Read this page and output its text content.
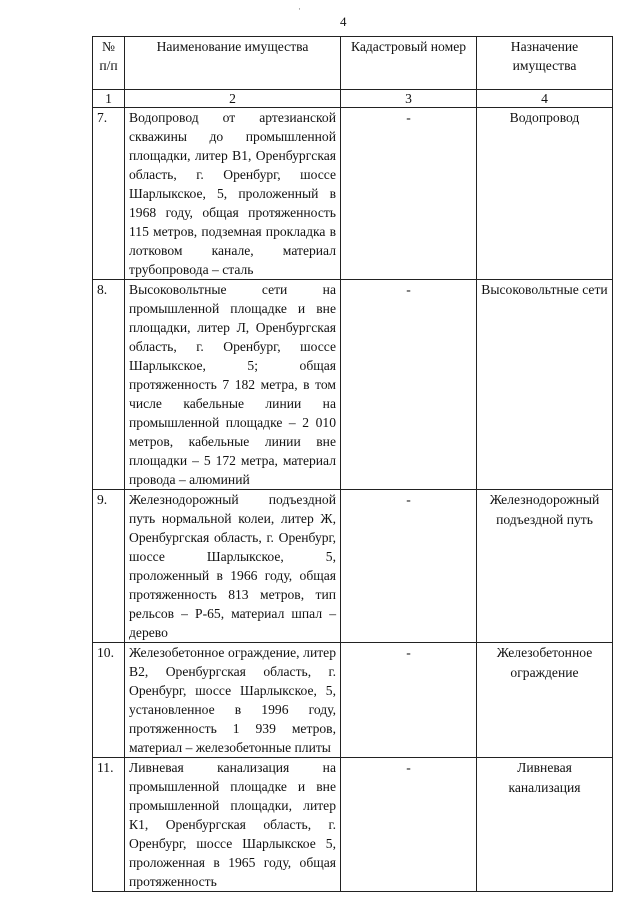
·
4
№ п/п	Наименование имущества	Кадастровый номер	Назначение имущества
1	2	3	4
7.	Водопровод от артезианской скважины до промышленной площадки, литер В1, Оренбургская область, г. Оренбург, шоссе Шарлыкское, 5, проложенный в 1968 году, общая протяженность 115 метров, подземная прокладка в лотковом канале, материал трубопровода – сталь	-	Водопровод
8.	Высоковольтные сети на промышленной площадке и вне площадки, литер Л, Оренбургская область, г. Оренбург, шоссе Шарлыкское, 5; общая протяженность 7 182 метра, в том числе кабельные линии на промышленной площадке – 2 010 метров, кабельные линии вне площадки – 5 172 метра, материал провода – алюминий	-	Высоковольтные сети
9.	Железнодорожный подъездной путь нормальной колеи, литер Ж, Оренбургская область, г. Оренбург, шоссе Шарлыкское, 5, проложенный в 1966 году, общая протяженность 813 метров, тип рельсов – Р-65, материал шпал – дерево	-	Железнодорожный подъездной путь
10.	Железобетонное ограждение, литер В2, Оренбургская область, г. Оренбург, шоссе Шарлыкское, 5, установленное в 1996 году, протяженность 1 939 метров, материал – железобетонные плиты	-	Железобетонное ограждение
11.	Ливневая канализация на промышленной площадке и вне промышленной площадки, литер К1, Оренбургская область, г. Оренбург, шоссе Шарлыкское 5, проложенная в 1965 году, общая протяженность	-	Ливневая канализация
